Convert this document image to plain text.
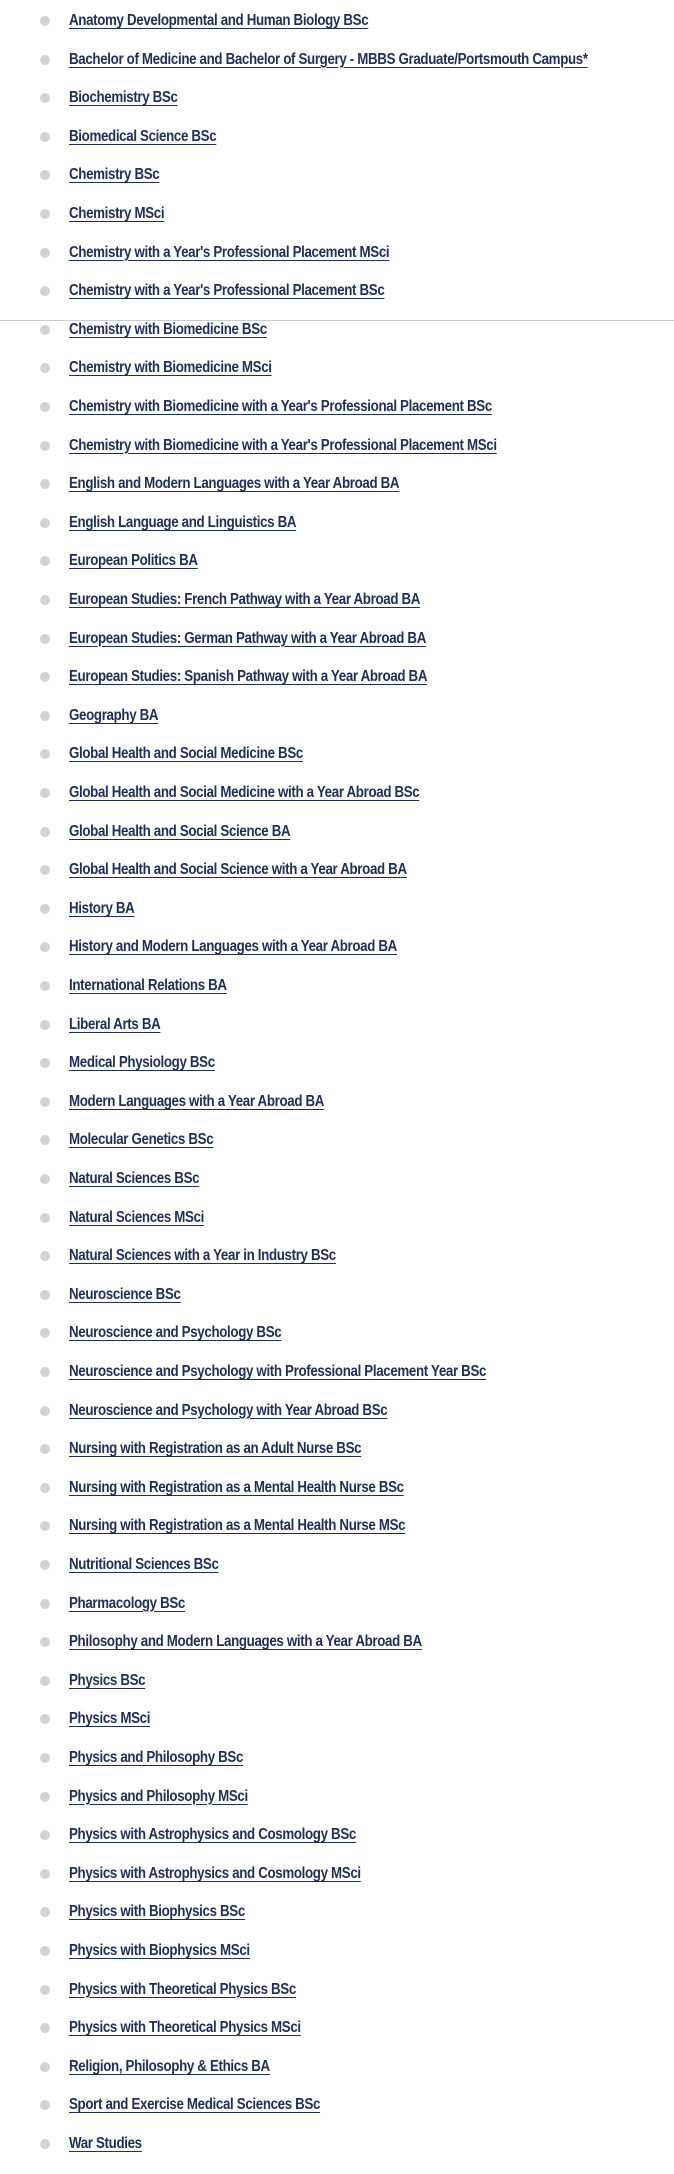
Anatomy Developmental and Human Biology BSc
Bachelor of Medicine and Bachelor of Surgery - MBBS Graduate/Portsmouth Campus*
Biochemistry BSc
Biomedical Science BSc
Chemistry BSc
Chemistry MSci
Chemistry with a Year's Professional Placement MSci
Chemistry with a Year's Professional Placement BSc
Chemistry with Biomedicine BSc
Chemistry with Biomedicine MSci
Chemistry with Biomedicine with a Year's Professional Placement BSc
Chemistry with Biomedicine with a Year's Professional Placement MSci
English and Modern Languages with a Year Abroad BA
English Language and Linguistics BA
European Politics BA
European Studies: French Pathway with a Year Abroad BA
European Studies: German Pathway with a Year Abroad BA
European Studies: Spanish Pathway with a Year Abroad BA
Geography BA
Global Health and Social Medicine BSc
Global Health and Social Medicine with a Year Abroad BSc
Global Health and Social Science BA
Global Health and Social Science with a Year Abroad BA
History BA
History and Modern Languages with a Year Abroad BA
International Relations BA
Liberal Arts BA
Medical Physiology BSc
Modern Languages with a Year Abroad BA
Molecular Genetics BSc
Natural Sciences BSc
Natural Sciences MSci
Natural Sciences with a Year in Industry BSc
Neuroscience BSc
Neuroscience and Psychology BSc
Neuroscience and Psychology with Professional Placement Year BSc
Neuroscience and Psychology with Year Abroad BSc
Nursing with Registration as an Adult Nurse BSc
Nursing with Registration as a Mental Health Nurse BSc
Nursing with Registration as a Mental Health Nurse MSc
Nutritional Sciences BSc
Pharmacology BSc
Philosophy and Modern Languages with a Year Abroad BA
Physics BSc
Physics MSci
Physics and Philosophy BSc
Physics and Philosophy MSci
Physics with Astrophysics and Cosmology BSc
Physics with Astrophysics and Cosmology MSci
Physics with Biophysics BSc
Physics with Biophysics MSci
Physics with Theoretical Physics BSc
Physics with Theoretical Physics MSci
Religion, Philosophy & Ethics BA
Sport and Exercise Medical Sciences BSc
War Studies
